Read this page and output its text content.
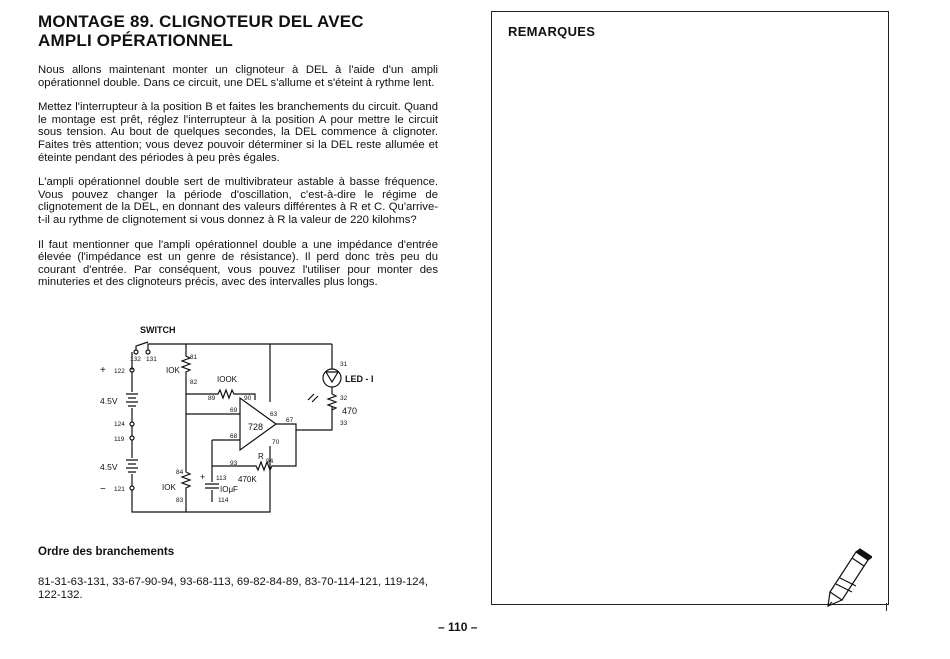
MONTAGE 89. CLIGNOTEUR DEL AVEC
AMPLI OPÉRATIONNEL

Nous allons maintenant monter un clignoteur à DEL à l'aide d'un ampli opérationnel double. Dans ce circuit, une DEL s'allume et s'éteint à rythme lent.

Mettez l'interrupteur à la position B et faites les branchements du circuit. Quand le montage est prêt, réglez l'interrupteur à la position A pour mettre le circuit sous tension. Au bout de quelques secondes, la DEL commence à clignoter. Faites très attention; vous devez pouvoir déterminer si la DEL reste allumée et éteinte pendant des périodes à peu près égales.

L'ampli opérationnel double sert de multivibrateur astable à basse fréquence. Vous pouvez changer la période d'oscillation, c'est-à-dire le régime de clignotement de la DEL, en donnant des valeurs différentes à R et C. Qu'arrive-t-il au rythme de clignotement si vous donnez à R la valeur de 220 kilohms?

Il faut mentionner que l'ampli opérationnel double a une impédance d'entrée élevée (l'impédance est un genre de résistance). Il perd donc très peu du courant d'entrée. Par conséquent, vous pouvez l'utiliser pour monter des minuteries et des clignoteurs précis, avec des intervalles plus longs.

SWITCH
132 131	81
+ 122	IOK
82 IOOK
89	90
69
63
67
728
68
70
4.5V
124
119
4.5V
− 121
84
IOK
83
93
R
94
470K
+ 113
IOμF
114
31
LED - I
32
470
33
Ordre des branchements
81-31-63-131, 33-67-90-94, 93-68-113, 69-82-84-89, 83-70-114-121, 119-124, 122-132.
– 110 –
REMARQUES
